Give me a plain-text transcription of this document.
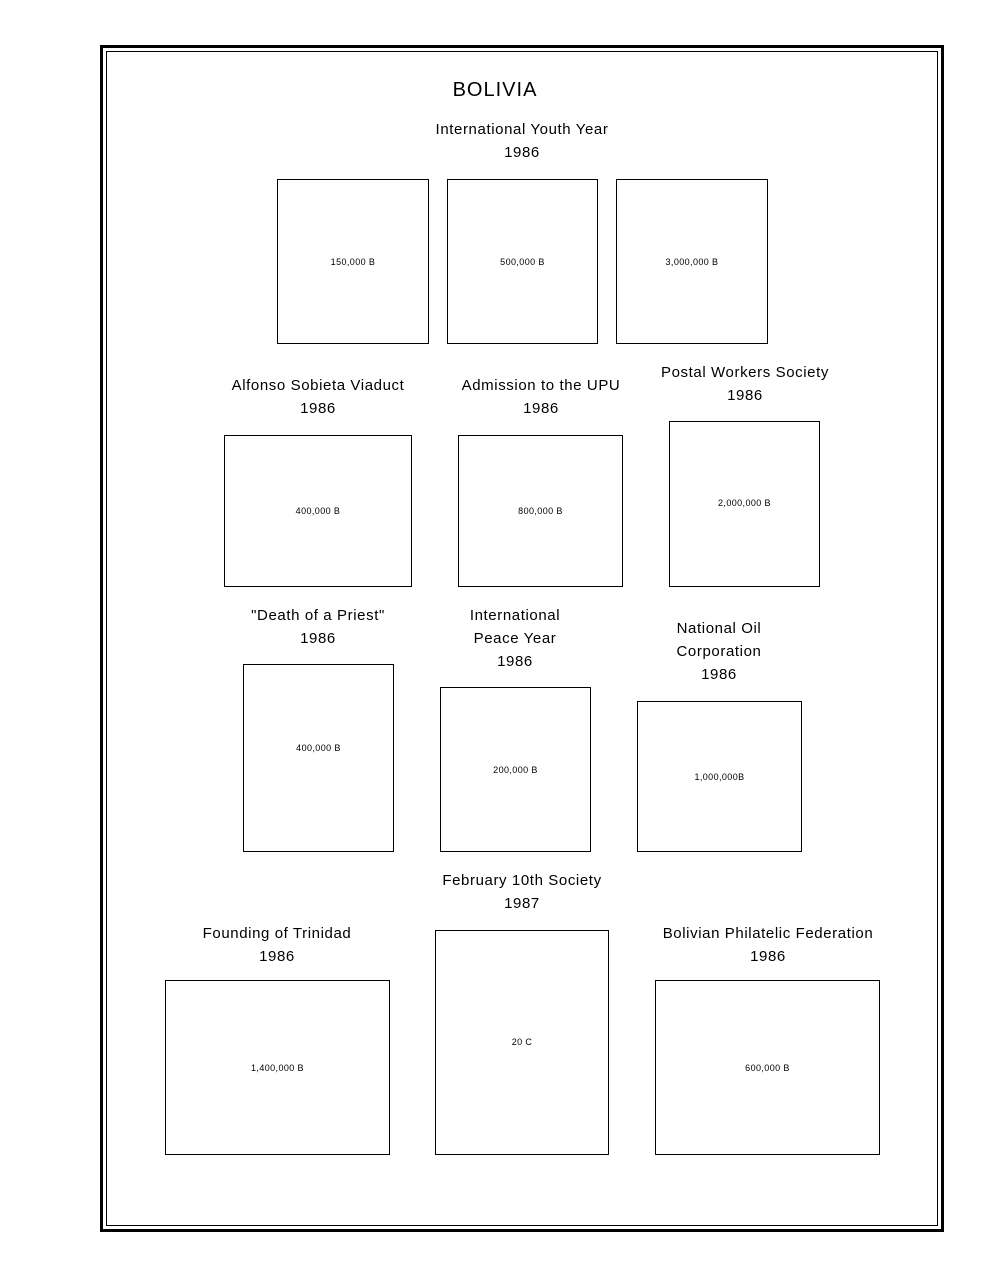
BOLIVIA
International Youth Year
1986
150,000 B	500,000 B	3,000,000 B
Alfonso Sobieta Viaduct
1986
400,000 B
Admission to the UPU
1986
800,000 B
Postal Workers Society
1986
2,000,000 B
"Death of a Priest"
1986
400,000 B
International
Peace Year
1986
200,000 B
National Oil
Corporation
1986
1,000,000B
February 10th Society
1987
20 C
Founding of Trinidad
1986
1,400,000 B
Bolivian Philatelic Federation
1986
600,000 B
